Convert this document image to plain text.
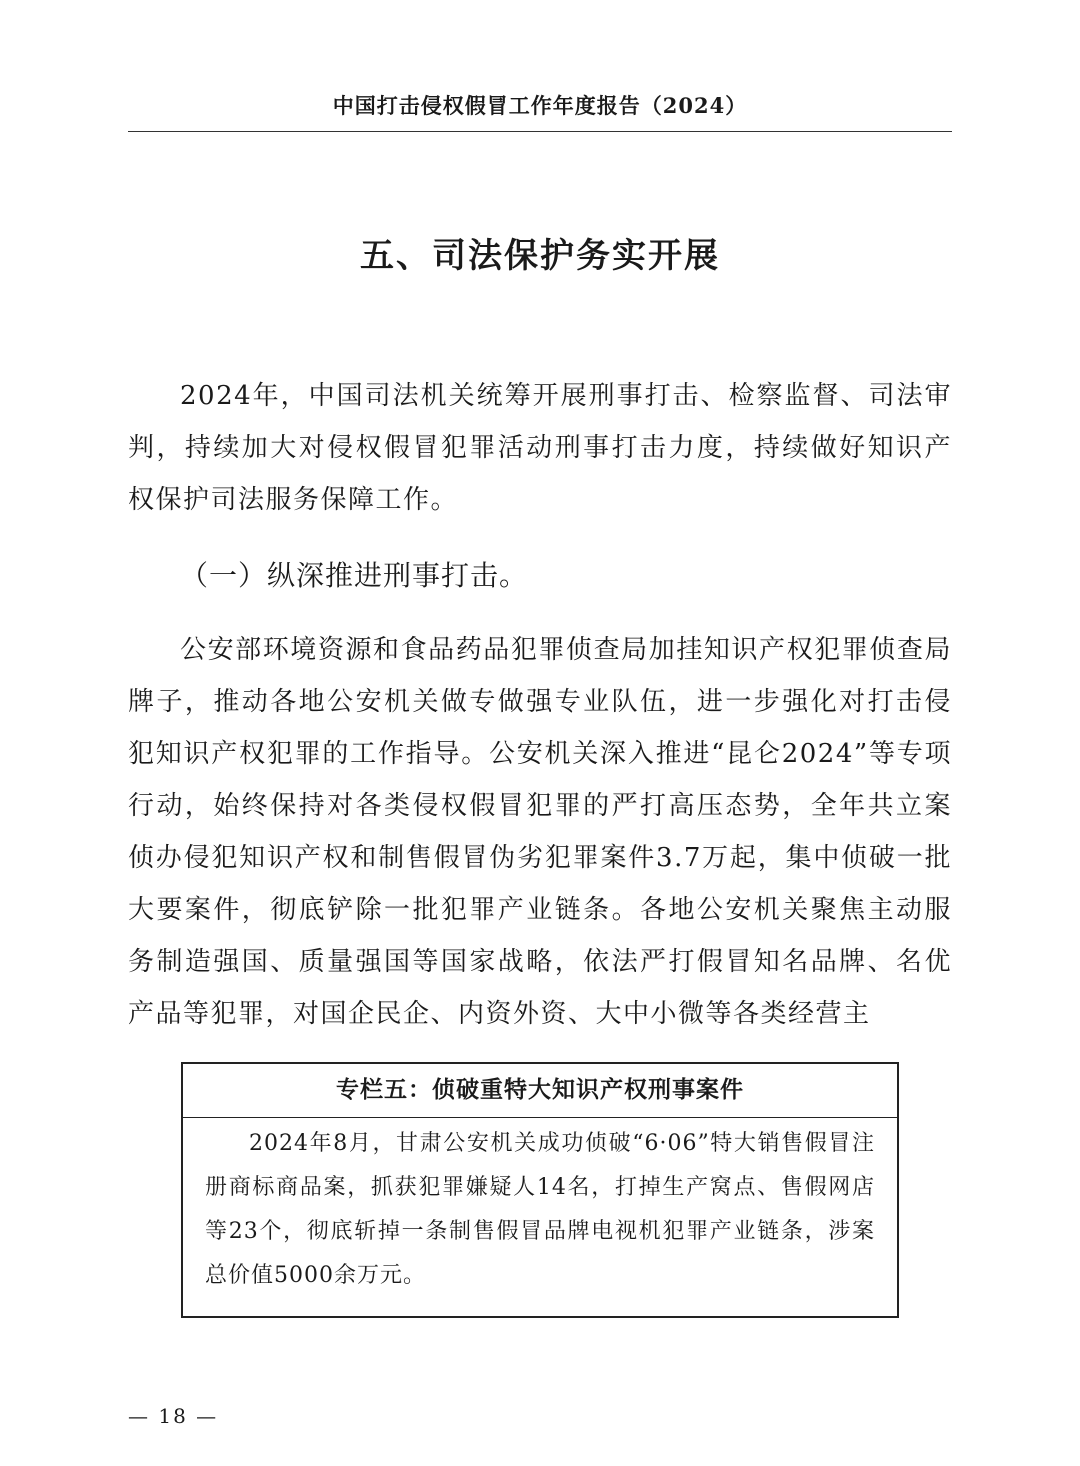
中国打击侵权假冒工作年度报告（2024）
五、司法保护务实开展

2024年，中国司法机关统筹开展刑事打击、检察监督、司法审判，持续加大对侵权假冒犯罪活动刑事打击力度，持续做好知识产权保护司法服务保障工作。

（一）纵深推进刑事打击。

公安部环境资源和食品药品犯罪侦查局加挂知识产权犯罪侦查局牌子，推动各地公安机关做专做强专业队伍，进一步强化对打击侵犯知识产权犯罪的工作指导。公安机关深入推进“昆仑2024”等专项行动，始终保持对各类侵权假冒犯罪的严打高压态势，全年共立案侦办侵犯知识产权和制售假冒伪劣犯罪案件3.7万起，集中侦破一批大要案件，彻底铲除一批犯罪产业链条。各地公安机关聚焦主动服务制造强国、质量强国等国家战略，依法严打假冒知名品牌、名优产品等犯罪，对国企民企、内资外资、大中小微等各类经营主

专栏五：侦破重特大知识产权刑事案件

2024年8月，甘肃公安机关成功侦破“6·06”特大销售假冒注册商标商品案，抓获犯罪嫌疑人14名，打掉生产窝点、售假网店等23个，彻底斩掉一条制售假冒品牌电视机犯罪产业链条，涉案总价值5000余万元。

— 18 —
